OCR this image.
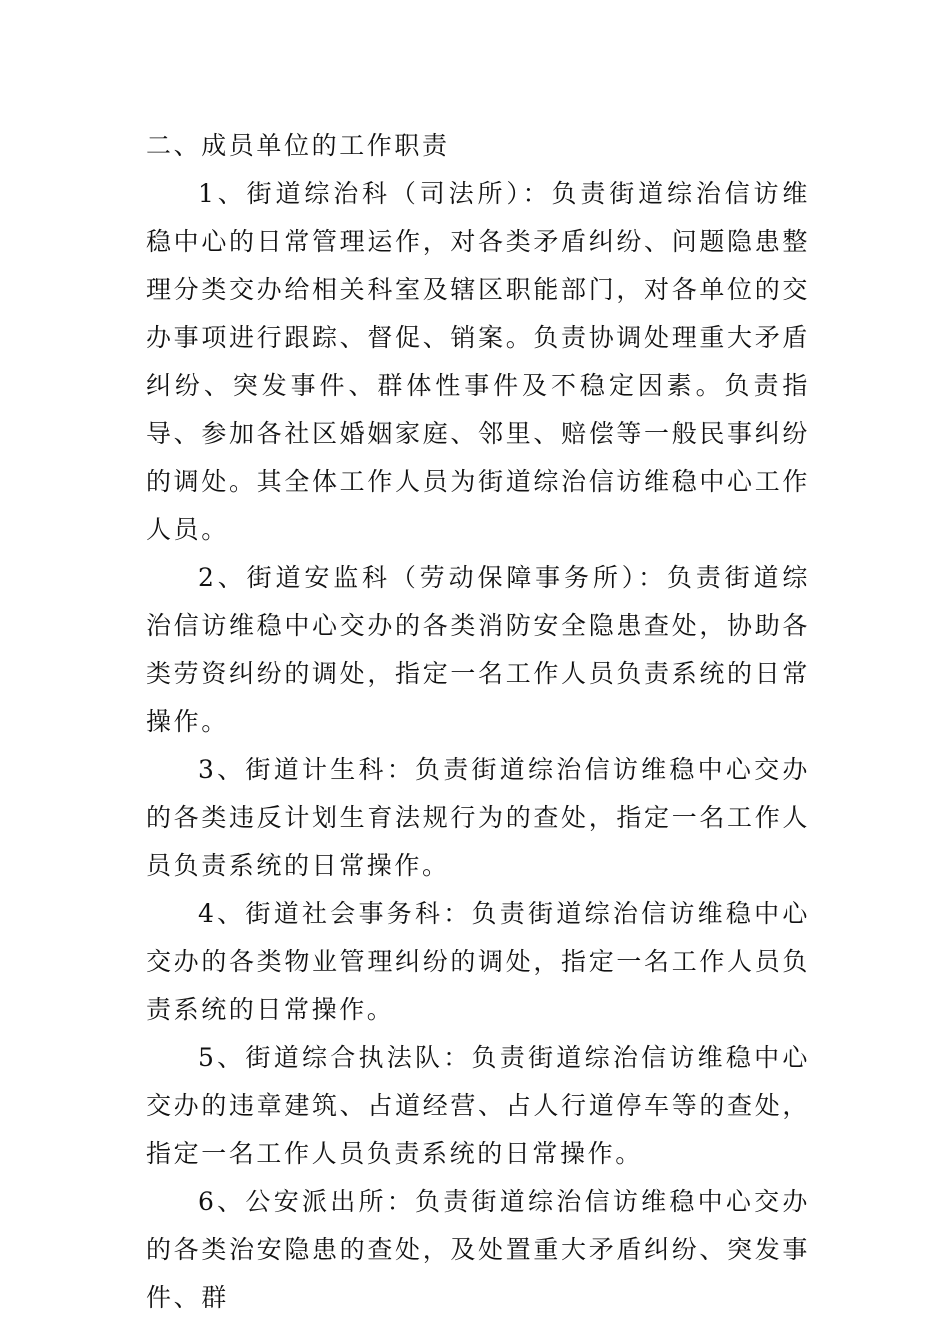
二、成员单位的工作职责

1、街道综治科（司法所）：负责街道综治信访维稳中心的日常管理运作，对各类矛盾纠纷、问题隐患整理分类交办给相关科室及辖区职能部门，对各单位的交办事项进行跟踪、督促、销案。负责协调处理重大矛盾纠纷、突发事件、群体性事件及不稳定因素。负责指导、参加各社区婚姻家庭、邻里、赔偿等一般民事纠纷的调处。其全体工作人员为街道综治信访维稳中心工作人员。

2、街道安监科（劳动保障事务所）：负责街道综治信访维稳中心交办的各类消防安全隐患查处，协助各类劳资纠纷的调处，指定一名工作人员负责系统的日常操作。

3、街道计生科：负责街道综治信访维稳中心交办的各类违反计划生育法规行为的查处，指定一名工作人员负责系统的日常操作。

4、街道社会事务科：负责街道综治信访维稳中心交办的各类物业管理纠纷的调处，指定一名工作人员负责系统的日常操作。

5、街道综合执法队：负责街道综治信访维稳中心交办的违章建筑、占道经营、占人行道停车等的查处，指定一名工作人员负责系统的日常操作。

6、公安派出所：负责街道综治信访维稳中心交办的各类治安隐患的查处，及处置重大矛盾纠纷、突发事件、群
